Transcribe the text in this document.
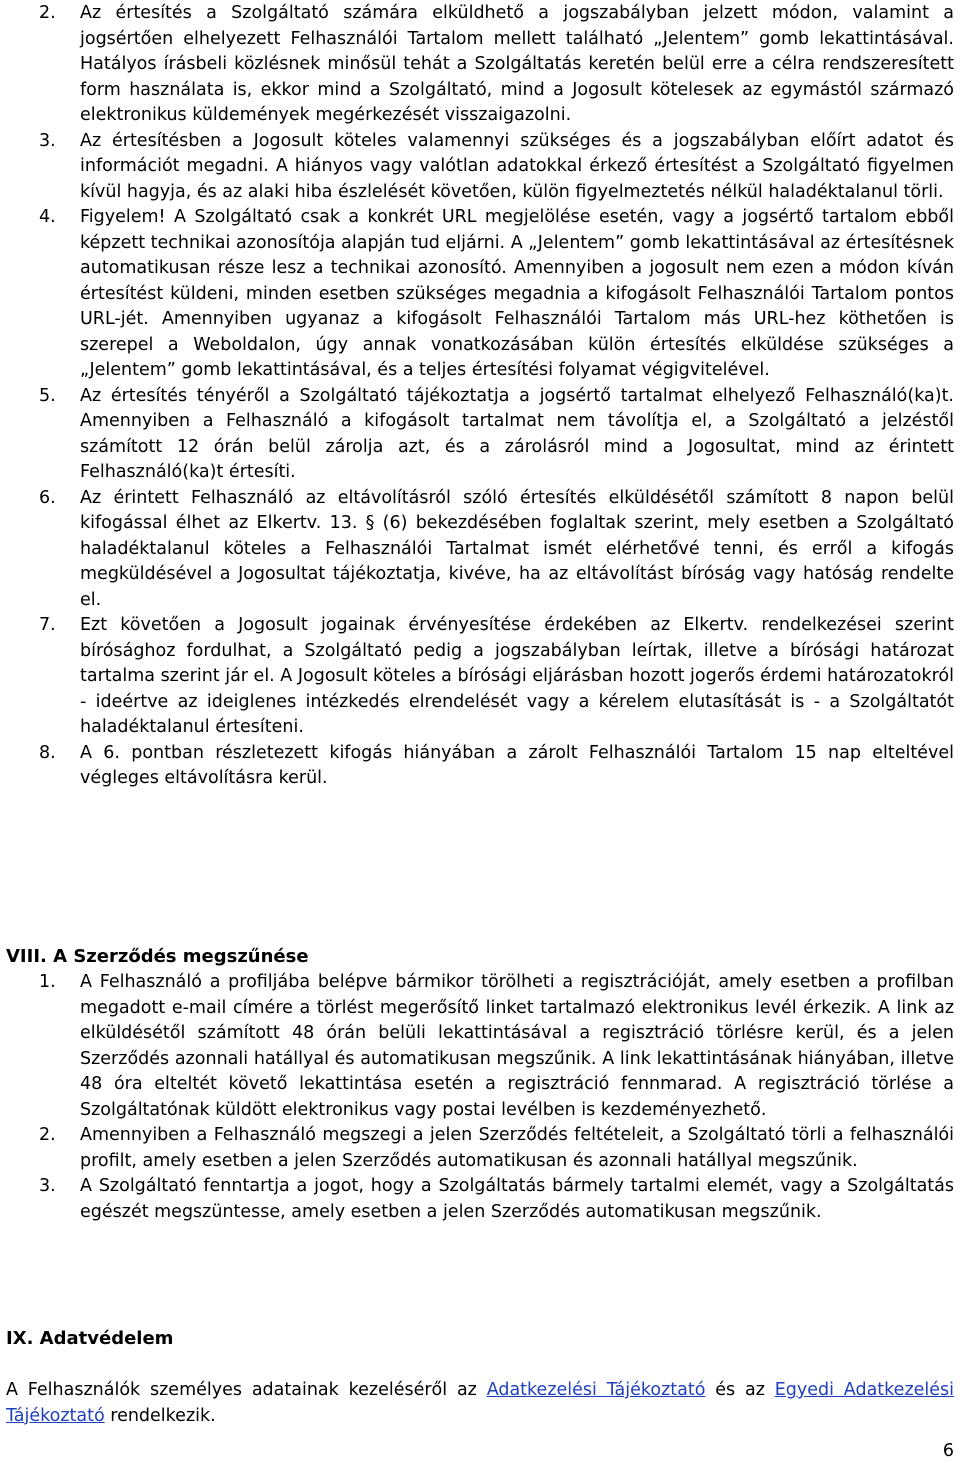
2. Az értesítés a Szolgáltató számára elküldhető a jogszabályban jelzett módon, valamint a jogsértően elhelyezett Felhasználói Tartalom mellett található „Jelentem” gomb lekattintásával. Hatályos írásbeli közlésnek minősül tehát a Szolgáltatás keretén belül erre a célra rendszeresített form használata is, ekkor mind a Szolgáltató, mind a Jogosult kötelesek az egymástól származó elektronikus küldemények megérkezését visszaigazolni.
3. Az értesítésben a Jogosult köteles valamennyi szükséges és a jogszabályban előírt adatot és információt megadni. A hiányos vagy valótlan adatokkal érkező értesítést a Szolgáltató figyelmen kívül hagyja, és az alaki hiba észlelését követően, külön figyelmeztetés nélkül haladéktalanul törli.
4. Figyelem! A Szolgáltató csak a konkrét URL megjelölése esetén, vagy a jogsértő tartalom ebből képzett technikai azonosítója alapján tud eljárni. A „Jelentem” gomb lekattintásával az értesítésnek automatikusan része lesz a technikai azonosító. Amennyiben a jogosult nem ezen a módon kíván értesítést küldeni, minden esetben szükséges megadnia a kifogásolt Felhasználói Tartalom pontos URL-jét. Amennyiben ugyanaz a kifogásolt Felhasználói Tartalom más URL-hez köthetően is szerepel a Weboldalon, úgy annak vonatkozásában külön értesítés elküldése szükséges a „Jelentem” gomb lekattintásával, és a teljes értesítési folyamat végigvitelével.
5. Az értesítés tényéről a Szolgáltató tájékoztatja a jogsértő tartalmat elhelyező Felhasználó(ka)t. Amennyiben a Felhasználó a kifogásolt tartalmat nem távolítja el, a Szolgáltató a jelzéstől számított 12 órán belül zárolja azt, és a zárolásról mind a Jogosultat, mind az érintett Felhasználó(ka)t értesíti.
6. Az érintett Felhasználó az eltávolításról szóló értesítés elküldésétől számított 8 napon belül kifogással élhet az Elkertv. 13. § (6) bekezdésében foglaltak szerint, mely esetben a Szolgáltató haladéktalanul köteles a Felhasználói Tartalmat ismét elérhetővé tenni, és erről a kifogás megküldésével a Jogosultat tájékoztatja, kivéve, ha az eltávolítást bíróság vagy hatóság rendelte el.
7. Ezt követően a Jogosult jogainak érvényesítése érdekében az Elkertv. rendelkezései szerint bírósághoz fordulhat, a Szolgáltató pedig a jogszabályban leírtak, illetve a bírósági határozat tartalma szerint jár el. A Jogosult köteles a bírósági eljárásban hozott jogerős érdemi határozatokról - ideértve az ideiglenes intézkedés elrendelését vagy a kérelem elutasítását is - a Szolgáltatót haladéktalanul értesíteni.
8. A 6. pontban részletezett kifogás hiányában a zárolt Felhasználói Tartalom 15 nap elteltével végleges eltávolításra kerül.
VIII. A Szerződés megszűnése
1. A Felhasználó a profiljába belépve bármikor törölheti a regisztrációját, amely esetben a profilban megadott e-mail címére a törlést megerősítő linket tartalmazó elektronikus levél érkezik. A link az elküldésétől számított 48 órán belüli lekattintásával a regisztráció törlésre kerül, és a jelen Szerződés azonnali hatállyal és automatikusan megszűnik. A link lekattintásának hiányában, illetve 48 óra elteltét követő lekattintása esetén a regisztráció fennmarad. A regisztráció törlése a Szolgáltatónak küldött elektronikus vagy postai levélben is kezdeményezhető.
2. Amennyiben a Felhasználó megszegi a jelen Szerződés feltételeit, a Szolgáltató törli a felhasználói profilt, amely esetben a jelen Szerződés automatikusan és azonnali hatállyal megszűnik.
3. A Szolgáltató fenntartja a jogot, hogy a Szolgáltatás bármely tartalmi elemét, vagy a Szolgáltatás egészét megszüntesse, amely esetben a jelen Szerződés automatikusan megszűnik.
IX. Adatvédelem
A Felhasználók személyes adatainak kezeléséről az Adatkezelési Tájékoztató és az Egyedi Adatkezelési Tájékoztató rendelkezik.
6
